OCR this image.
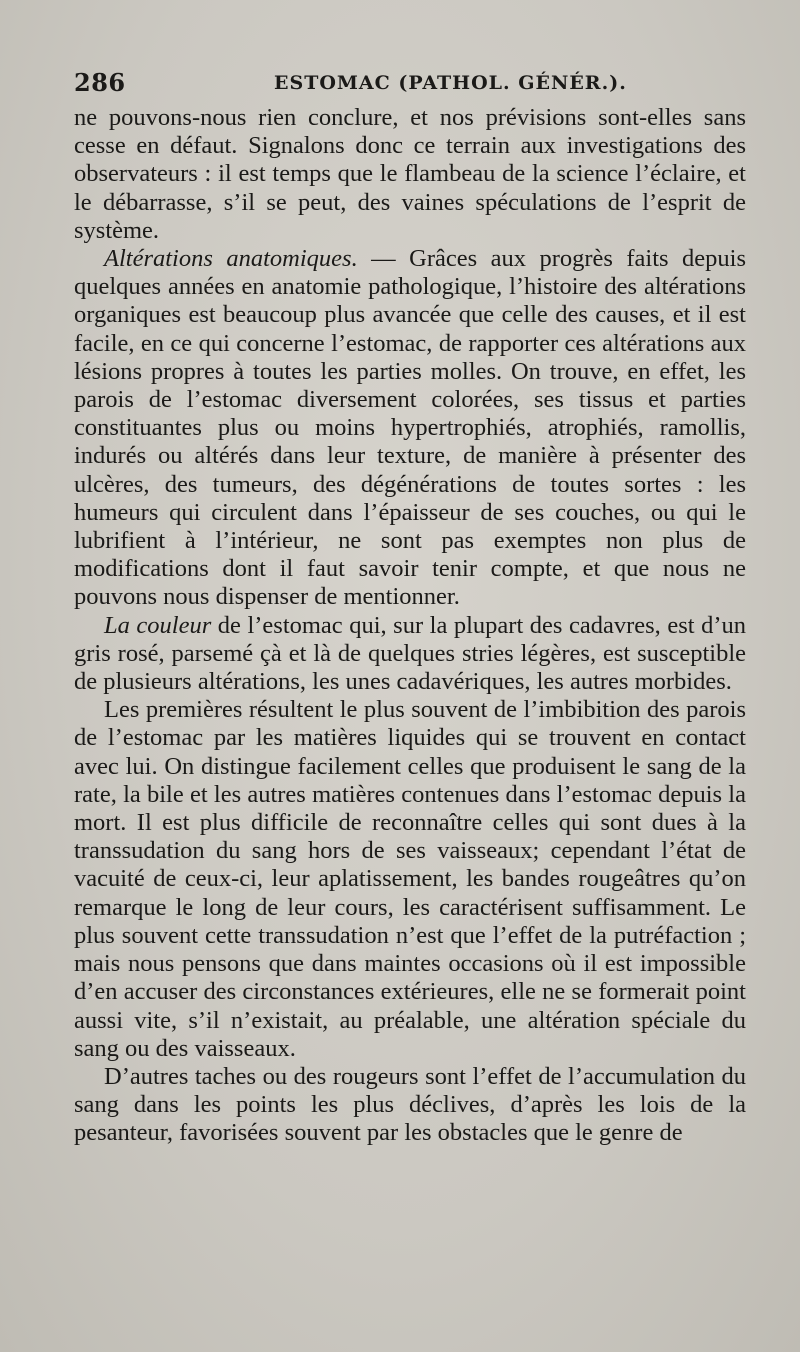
286	ESTOMAC (PATHOL. GÉNÉR.).

ne pouvons-nous rien conclure, et nos prévisions sont-elles sans cesse en défaut. Signalons donc ce terrain aux investigations des observateurs : il est temps que le flambeau de la science l’éclaire, et le débarrasse, s’il se peut, des vaines spéculations de l’esprit de système.

Altérations anatomiques. — Grâces aux progrès faits depuis quelques années en anatomie pathologique, l’histoire des altérations organiques est beaucoup plus avancée que celle des causes, et il est facile, en ce qui concerne l’estomac, de rapporter ces altérations aux lésions propres à toutes les parties molles. On trouve, en effet, les parois de l’estomac diversement colorées, ses tissus et parties constituantes plus ou moins hypertrophiés, atrophiés, ramollis, indurés ou altérés dans leur texture, de manière à présenter des ulcères, des tumeurs, des dégénérations de toutes sortes : les humeurs qui circulent dans l’épaisseur de ses couches, ou qui le lubrifient à l’intérieur, ne sont pas exemptes non plus de modifications dont il faut savoir tenir compte, et que nous ne pouvons nous dispenser de mentionner.

La couleur de l’estomac qui, sur la plupart des cadavres, est d’un gris rosé, parsemé çà et là de quelques stries légères, est susceptible de plusieurs altérations, les unes cadavériques, les autres morbides.

Les premières résultent le plus souvent de l’imbibition des parois de l’estomac par les matières liquides qui se trouvent en contact avec lui. On distingue facilement celles que produisent le sang de la rate, la bile et les autres matières contenues dans l’estomac depuis la mort. Il est plus difficile de reconnaître celles qui sont dues à la transsudation du sang hors de ses vaisseaux; cependant l’état de vacuité de ceux-ci, leur aplatissement, les bandes rougeâtres qu’on remarque le long de leur cours, les caractérisent suffisamment. Le plus souvent cette transsudation n’est que l’effet de la putréfaction ; mais nous pensons que dans maintes occasions où il est impossible d’en accuser des circonstances extérieures, elle ne se formerait point aussi vite, s’il n’existait, au préalable, une altération spéciale du sang ou des vaisseaux.

D’autres taches ou des rougeurs sont l’effet de l’accumulation du sang dans les points les plus déclives, d’après les lois de la pesanteur, favorisées souvent par les obstacles que le genre de
